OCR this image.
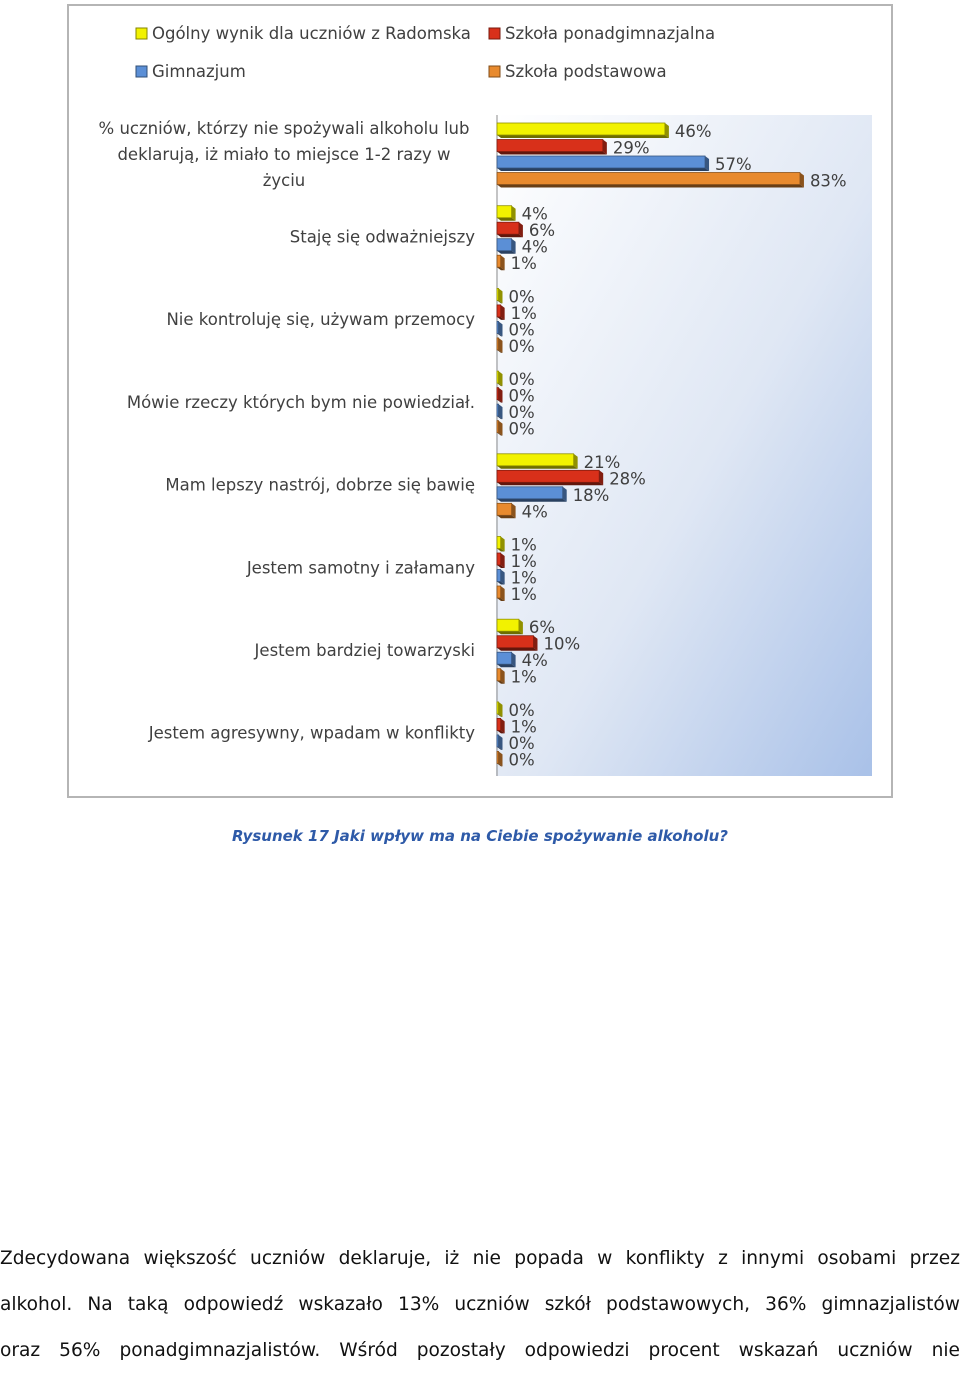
Ogólny wynik dla uczniów z Radomska Szkoła ponadgimnazjalna
Gimnazjum	Szkoła podstawowa
46%
4%
0%
0%
21%
1%
6%
0%
29%
6%
1%
0%
28%
1%
10%
1%
57%
4%
0%
0%
18%
1%
4%
0%
83%
1%
0%
0%
4%
1%
1%
0%
% uczniów, którzy nie spożywali alkoholu lub
deklarują, iż miało to miejsce 1-2 razy w
życiu
Staję się odważniejszy
Nie kontroluję się, używam przemocy
Mówie rzeczy których bym nie powiedział.
Mam lepszy nastrój, dobrze się bawię
Jestem samotny i załamany
Jestem bardziej towarzyski
Jestem agresywny, wpadam w konflikty
Rysunek 17 Jaki wpływ ma na Ciebie spożywanie alkoholu?
Zdecydowana większość uczniów deklaruje, iż nie popada w konflikty z innymi osobami przez
alkohol. Na taką odpowiedź wskazało 13% uczniów szkół podstawowych, 36% gimnazjalistów
oraz 56% ponadgimnazjalistów. Wśród pozostały odpowiedzi procent wskazań uczniów nie
